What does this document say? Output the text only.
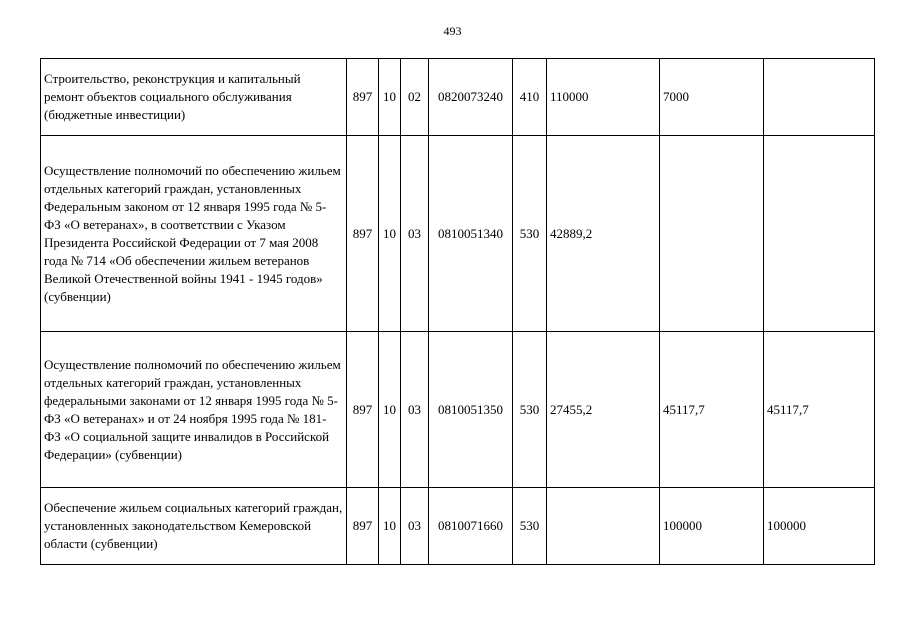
493
Строительство, реконструкция и капитальный ремонт объектов социального обслуживания (бюджетные инвестиции)	897	10	02	0820073240	410	110000	7000	
Осуществление полномочий по обеспечению жильем отдельных категорий граждан, установленных Федеральным законом от 12 января 1995 года № 5-ФЗ «О ветеранах», в соответствии с Указом Президента Российской Федерации от 7 мая 2008 года № 714 «Об обеспечении жильем ветеранов Великой Отечественной войны 1941 - 1945 годов» (субвенции)	897	10	03	0810051340	530	42889,2		
Осуществление полномочий по обеспечению жильем отдельных категорий граждан, установленных федеральными законами от 12 января 1995 года № 5-ФЗ «О ветеранах» и от 24 ноября 1995 года № 181-ФЗ «О социальной защите инвалидов в Российской Федерации» (субвенции)	897	10	03	0810051350	530	27455,2	45117,7	45117,7
Обеспечение жильем социальных категорий граждан, установленных законодательством Кемеровской области (субвенции)	897	10	03	0810071660	530		100000	100000
